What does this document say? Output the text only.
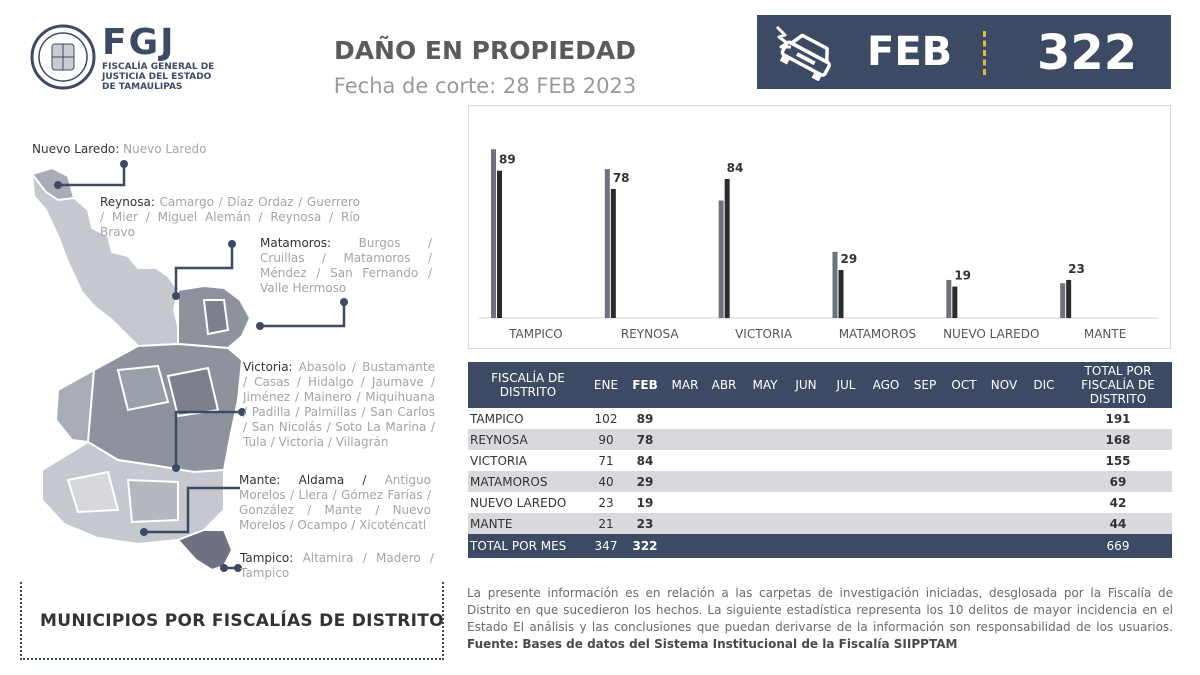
FGJ
FISCALÍA GENERAL DE
JUSTICIA DEL ESTADO
DE TAMAULIPAS
DAÑO EN PROPIEDAD
Fecha de corte: 28 FEB 2023
FEB 322
Nuevo Laredo: Nuevo Laredo
Reynosa: Camargo / Díaz Ordaz / Guerrero / Mier / Miguel Alemán / Reynosa / Río Bravo
Matamoros: Burgos / Cruillas / Matamoros / Méndez / San Fernando / Valle Hermoso
Victoria: Abasolo / Bustamante / Casas / Hidalgo / Jaumave / Jiménez / Mainero / Miquihuana / Padilla / Palmillas / San Carlos / San Nicolás / Soto La Marina / Tula / Victoria / Villagrán
Mante: Aldama / Antiguo Morelos / Llera / Gómez Farías / González / Mante / Nuevo Morelos / Ocampo / Xicoténcatl
Tampico: Altamira / Madero / Tampico
MUNICIPIOS POR FISCALÍAS DE DISTRITO
89
TAMPICO
78
REYNOSA
84
VICTORIA
29
MATAMOROS
19
NUEVO LAREDO
23
MANTE
FISCALÍA DE DISTRITO	ENE	FEB	MAR	ABR	MAY	JUN	JUL	AGO	SEP	OCT	NOV	DIC	TOTAL POR FISCALÍA DE DISTRITO
TAMPICO	102	89											191
REYNOSA	90	78											168
VICTORIA	71	84											155
MATAMOROS	40	29											69
NUEVO LAREDO	23	19											42
MANTE	21	23											44
TOTAL POR MES	347	322											669
La presente información es en relación a las carpetas de investigación iniciadas, desglosada por la Fiscalía de Distrito en que sucedieron los hechos. La siguiente estadística representa los 10 delitos de mayor incidencia en el Estado El análisis y las conclusiones que puedan derivarse de la información son responsabilidad de los usuarios. Fuente: Bases de datos del Sistema Institucional de la Fiscalía SIIPPTAM
